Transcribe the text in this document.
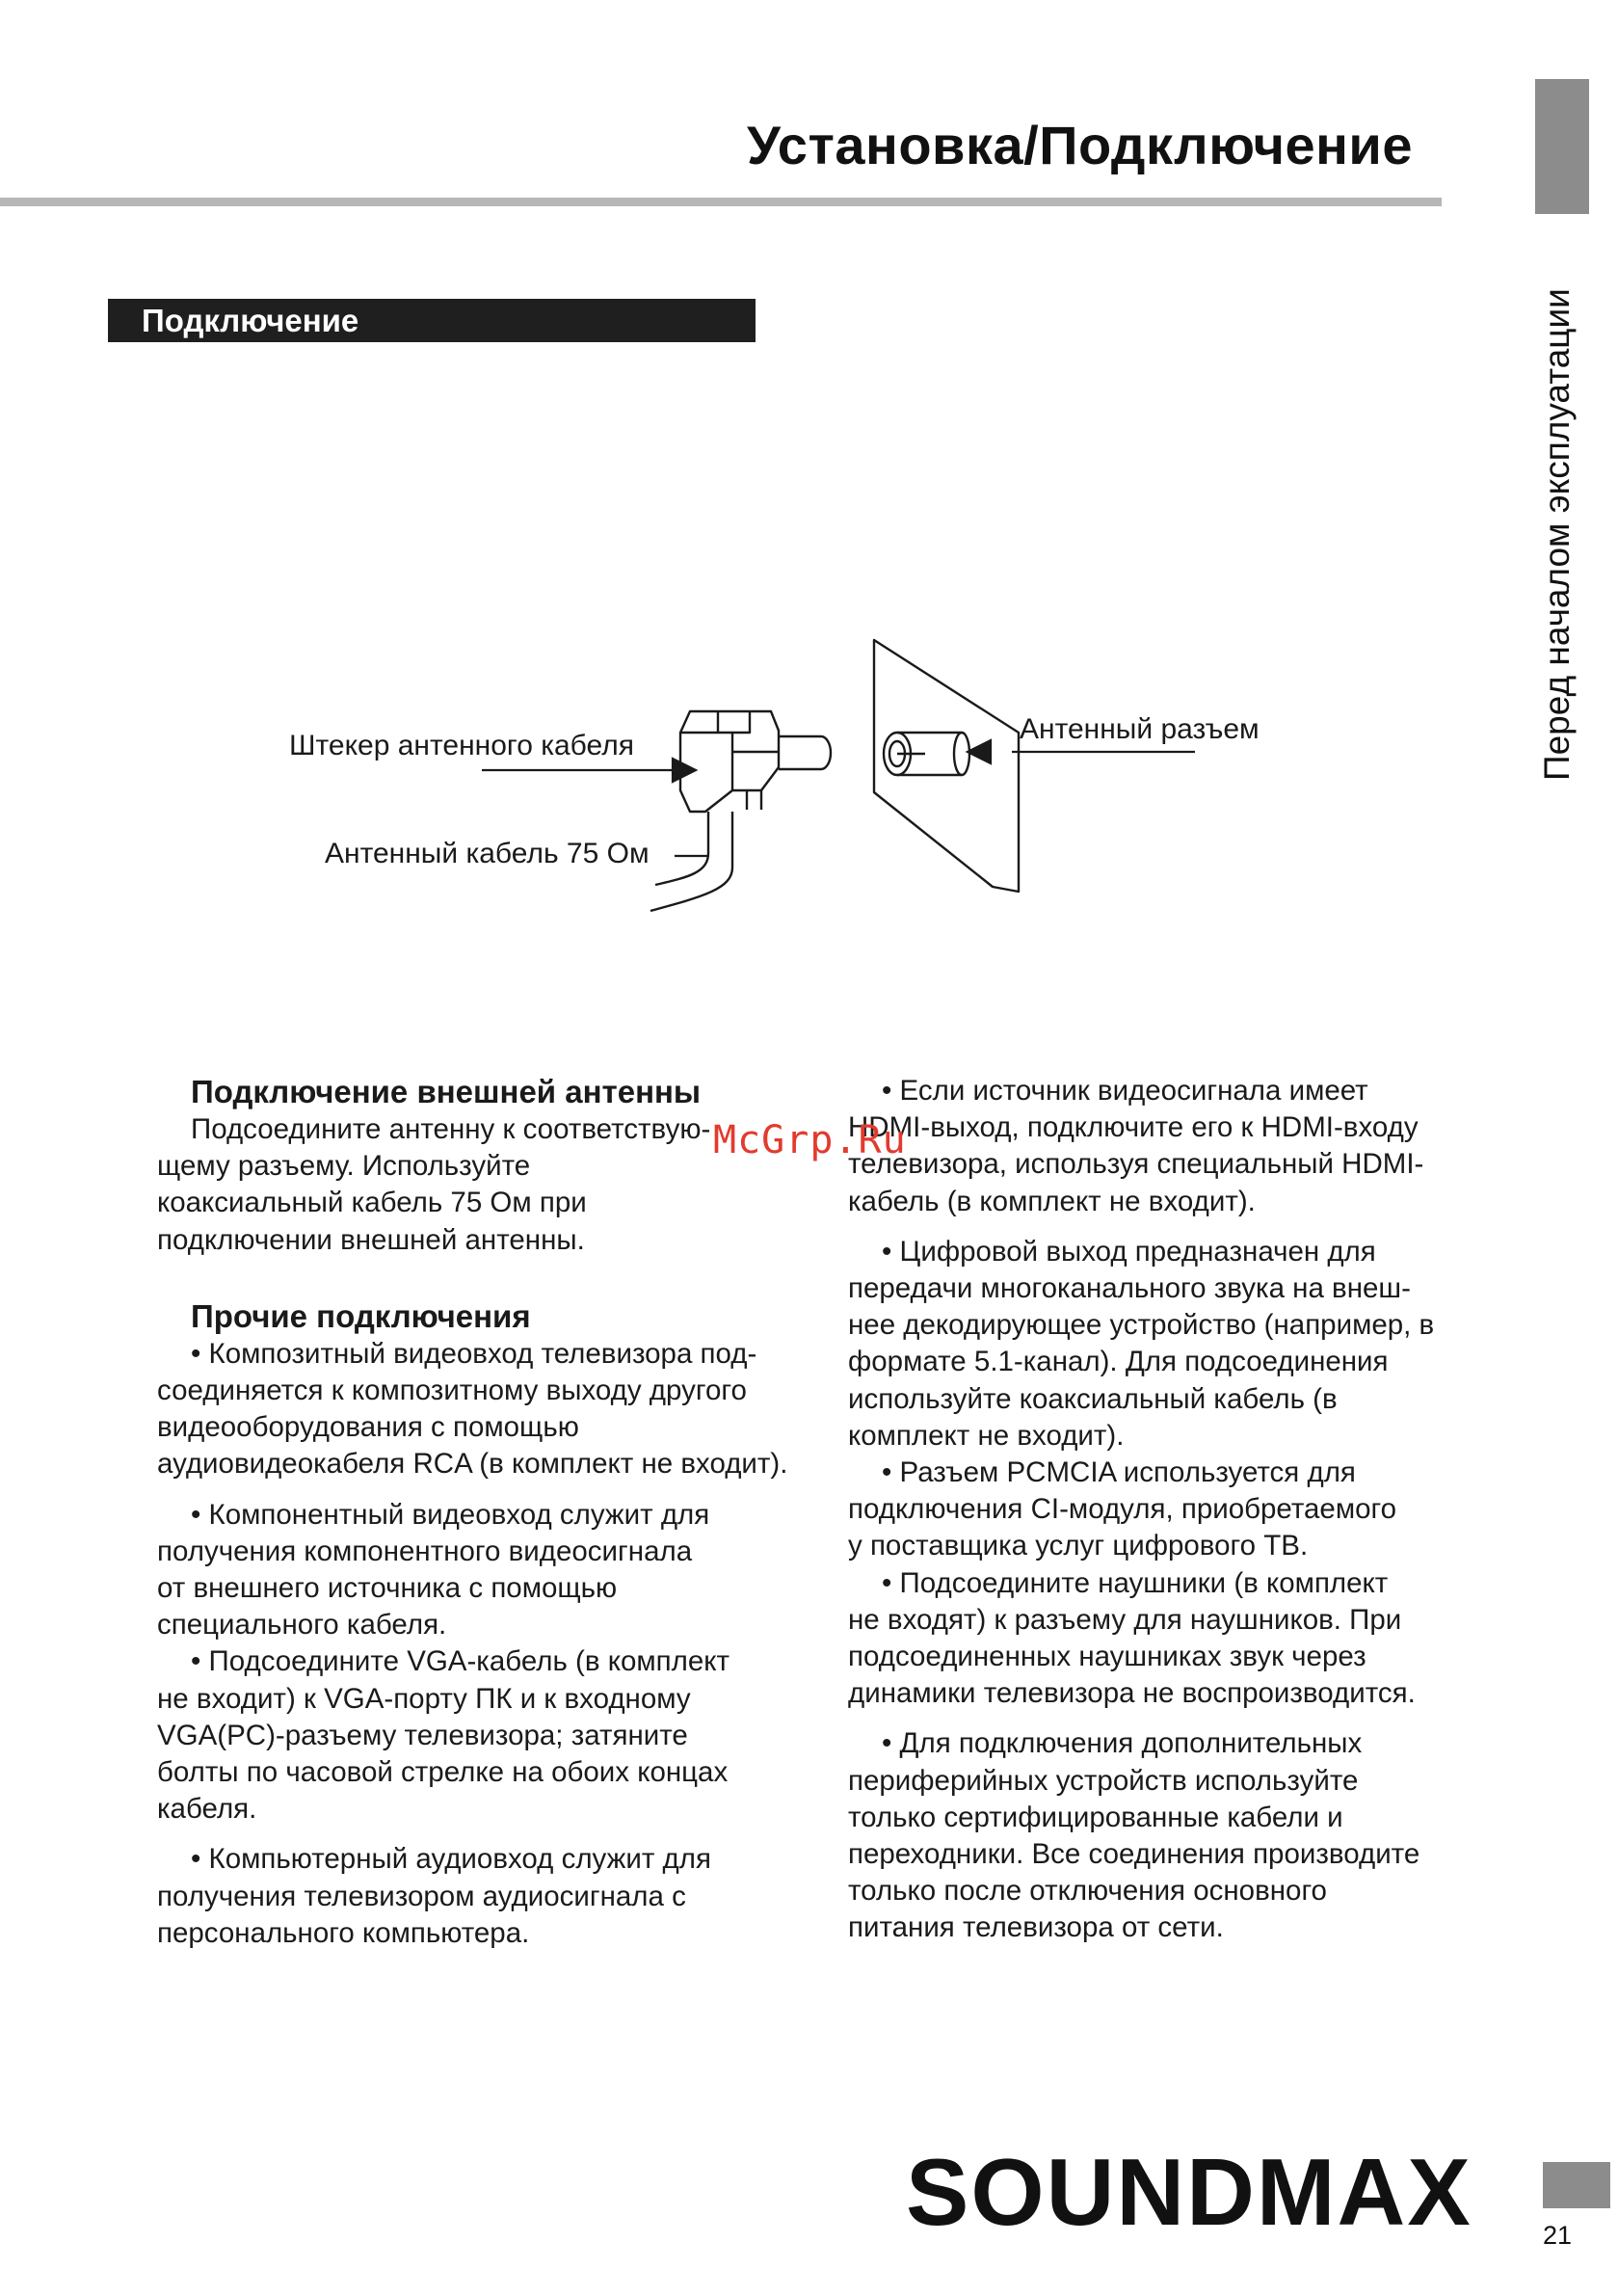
Установка/Подключение
Перед началом эксплуатации
Подключение
Штекер антенного кабеля
Антенный кабель 75 Ом
Антенный разъем
Подключение внешней антенны

Подсоедините антенну к соответствую-

щему разъему. Используйте

коаксиальный кабель 75 Ом при

подключении внешней антенны.

Прочие подключения

• Композитный видеовход телевизора под-

соединяется к композитному выходу другого

видеооборудования с помощью

аудиовидеокабеля RCA (в комплект не входит).

• Компонентный видеовход служит для

получения компонентного видеосигнала

от внешнего источника с помощью

специального кабеля.

• Подсоедините VGA-кабель (в комплект

не входит) к VGA-порту ПК и к входному

VGA(PC)-разъему телевизора; затяните

болты по часовой стрелке на обоих концах

кабеля.

• Компьютерный аудиовход служит для

получения телевизором аудиосигнала с

персонального компьютера.

• Если источник видеосигнала имеет

HDMI-выход, подключите его к HDMI-входу

телевизора, используя специальный HDMI-

кабель (в комплект не входит).

• Цифровой выход предназначен для

передачи многоканального звука на внеш-

нее декодирующее устройство (например, в

формате 5.1-канал). Для подсоединения

используйте коаксиальный кабель (в

комплект не входит).

• Разъем PCMCIA используется для

подключения CI-модуля, приобретаемого

у поставщика услуг цифрового ТВ.

• Подсоедините наушники (в комплект

не входят) к разъему для наушников. При

подсоединенных наушниках звук через

динамики телевизора не воспроизводится.

• Для подключения дополнительных

периферийных устройств используйте

только сертифицированные кабели и

переходники. Все соединения производите

только после отключения основного

питания телевизора от сети.

McGrp.Ru
SOUNDMAX	21
